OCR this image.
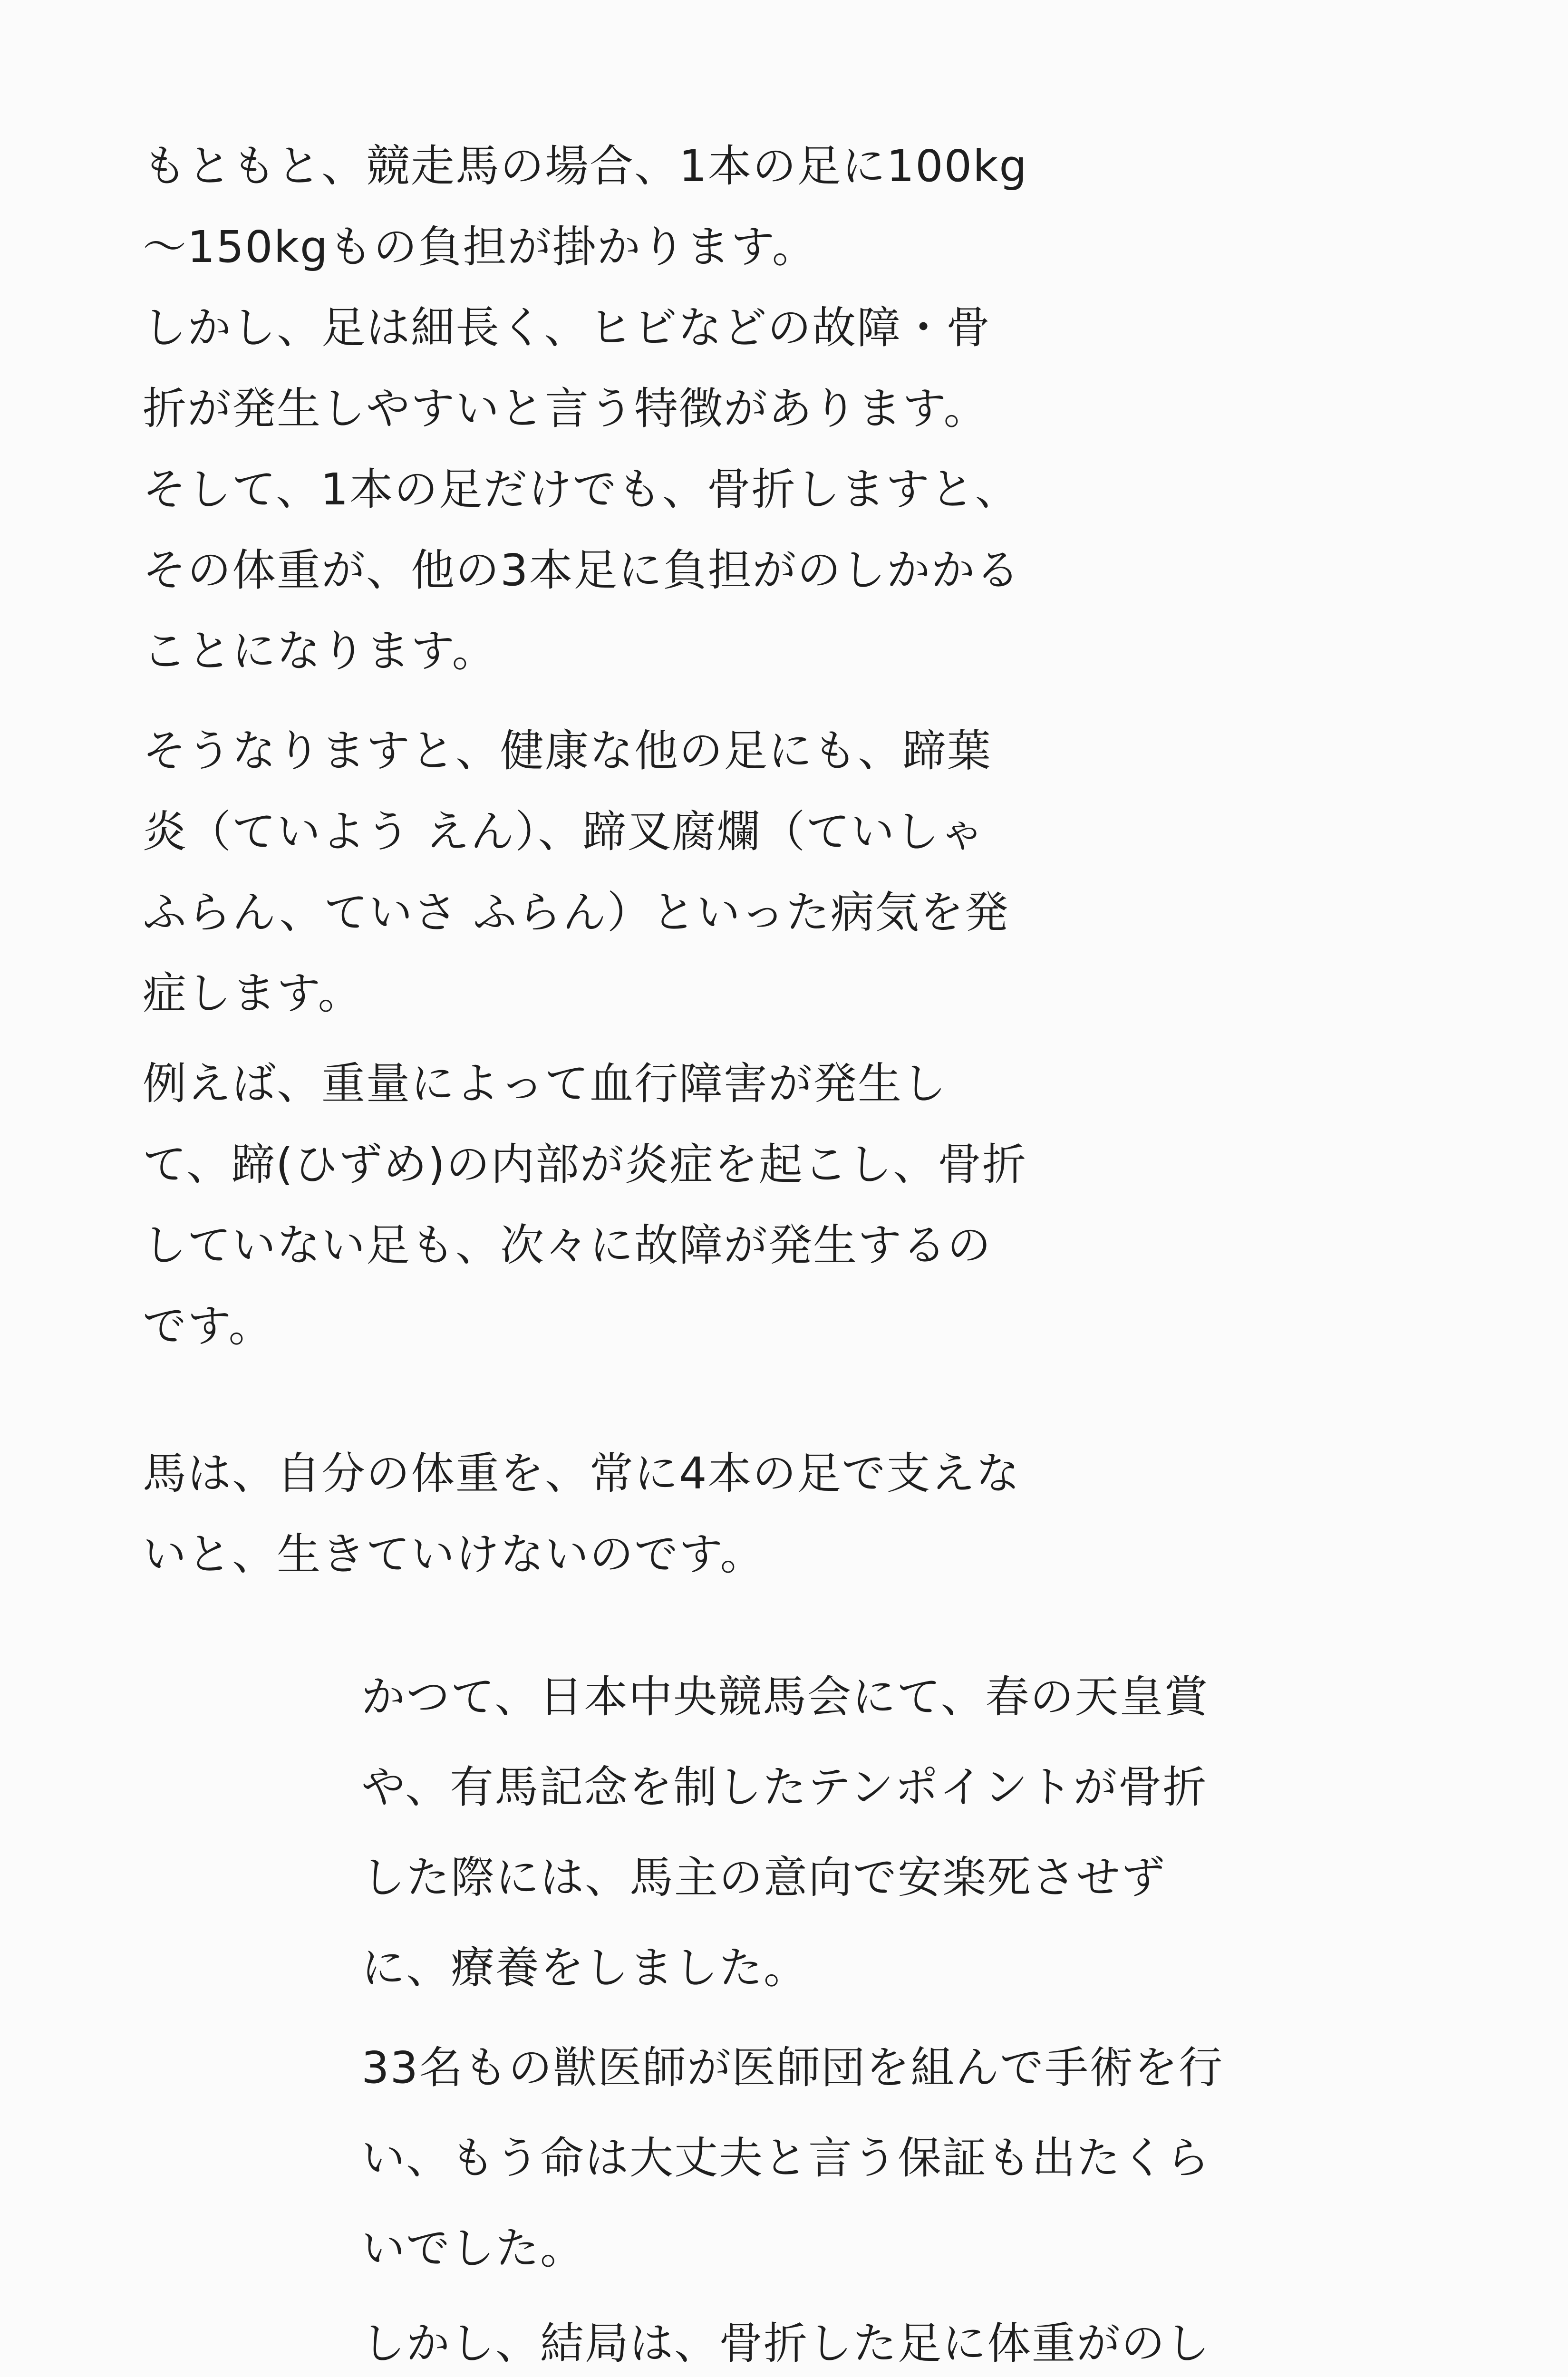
もともと、競走馬の場合、1本の足に100kg

〜150kgもの負担が掛かります。

しかし、足は細長く、ヒビなどの故障・骨

折が発生しやすいと言う特徴があります。

そして、1本の足だけでも、骨折しますと、

その体重が、他の3本足に負担がのしかかる

ことになります。

そうなりますと、健康な他の足にも、蹄葉

炎（ていよう えん）、蹄叉腐爛（ていしゃ

ふらん、ていさ ふらん）といった病気を発

症します。

例えば、重量によって血行障害が発生し

て、蹄(ひずめ)の内部が炎症を起こし、骨折

していない足も、次々に故障が発生するの

です。

馬は、自分の体重を、常に4本の足で支えな

いと、生きていけないのです。

かつて、日本中央競馬会にて、春の天皇賞

や、有馬記念を制したテンポイントが骨折

した際には、馬主の意向で安楽死させず

に、療養をしました。

33名もの獣医師が医師団を組んで手術を行

い、もう命は大丈夫と言う保証も出たくら

いでした。

しかし、結局は、骨折した足に体重がのし
